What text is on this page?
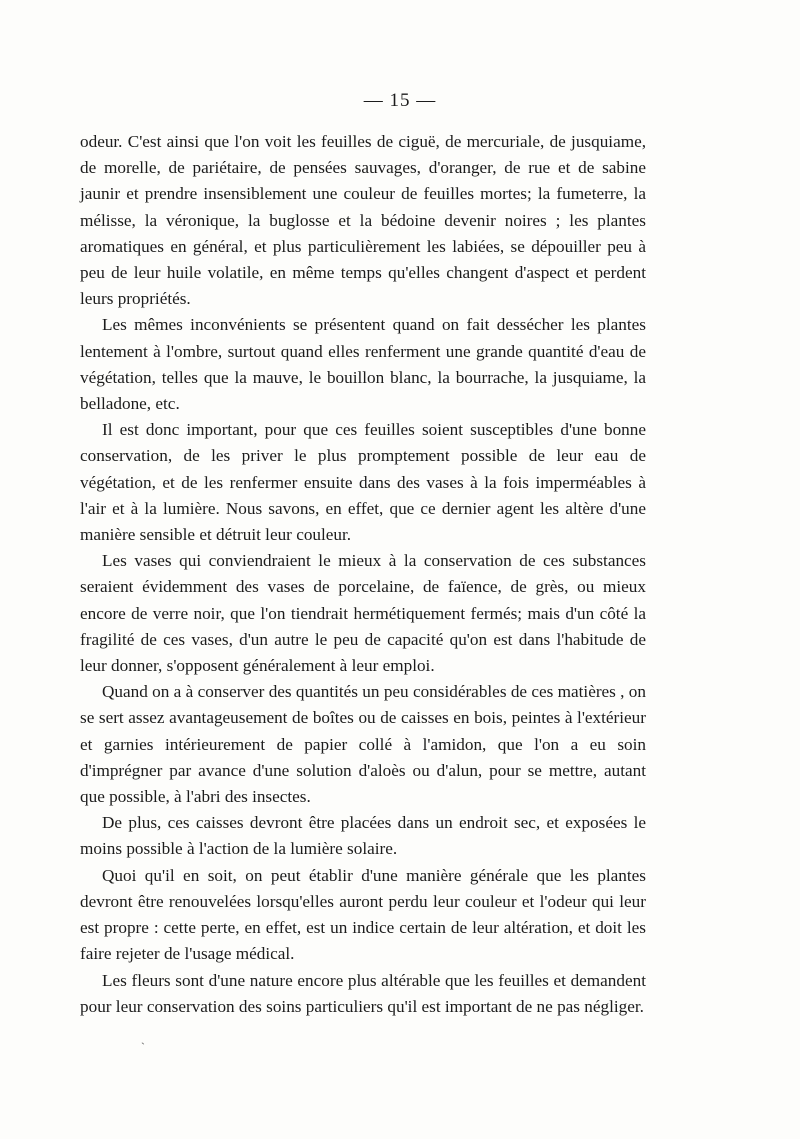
— 15 —

odeur. C'est ainsi que l'on voit les feuilles de ciguë, de mercuriale, de jusquiame, de morelle, de pariétaire, de pensées sauvages, d'oranger, de rue et de sabine jaunir et prendre insensiblement une couleur de feuilles mortes; la fumeterre, la mélisse, la véronique, la buglosse et la bédoine devenir noires ; les plantes aromatiques en général, et plus particulièrement les labiées, se dépouiller peu à peu de leur huile volatile, en même temps qu'elles changent d'aspect et perdent leurs propriétés.

Les mêmes inconvénients se présentent quand on fait dessécher les plantes lentement à l'ombre, surtout quand elles renferment une grande quantité d'eau de végétation, telles que la mauve, le bouillon blanc, la bourrache, la jusquiame, la belladone, etc.

Il est donc important, pour que ces feuilles soient susceptibles d'une bonne conservation, de les priver le plus promptement possible de leur eau de végétation, et de les renfermer ensuite dans des vases à la fois imperméables à l'air et à la lumière. Nous savons, en effet, que ce dernier agent les altère d'une manière sensible et détruit leur couleur.

Les vases qui conviendraient le mieux à la conservation de ces substances seraient évidemment des vases de porcelaine, de faïence, de grès, ou mieux encore de verre noir, que l'on tiendrait hermétiquement fermés; mais d'un côté la fragilité de ces vases, d'un autre le peu de capacité qu'on est dans l'habitude de leur donner, s'opposent généralement à leur emploi.

Quand on a à conserver des quantités un peu considérables de ces matières , on se sert assez avantageusement de boîtes ou de caisses en bois, peintes à l'extérieur et garnies intérieurement de papier collé à l'amidon, que l'on a eu soin d'imprégner par avance d'une solution d'aloès ou d'alun, pour se mettre, autant que possible, à l'abri des insectes.

De plus, ces caisses devront être placées dans un endroit sec, et exposées le moins possible à l'action de la lumière solaire.

Quoi qu'il en soit, on peut établir d'une manière générale que les plantes devront être renouvelées lorsqu'elles auront perdu leur couleur et l'odeur qui leur est propre : cette perte, en effet, est un indice certain de leur altération, et doit les faire rejeter de l'usage médical.

Les fleurs sont d'une nature encore plus altérable que les feuilles et demandent pour leur conservation des soins particuliers qu'il est important de ne pas négliger.

ˋ
